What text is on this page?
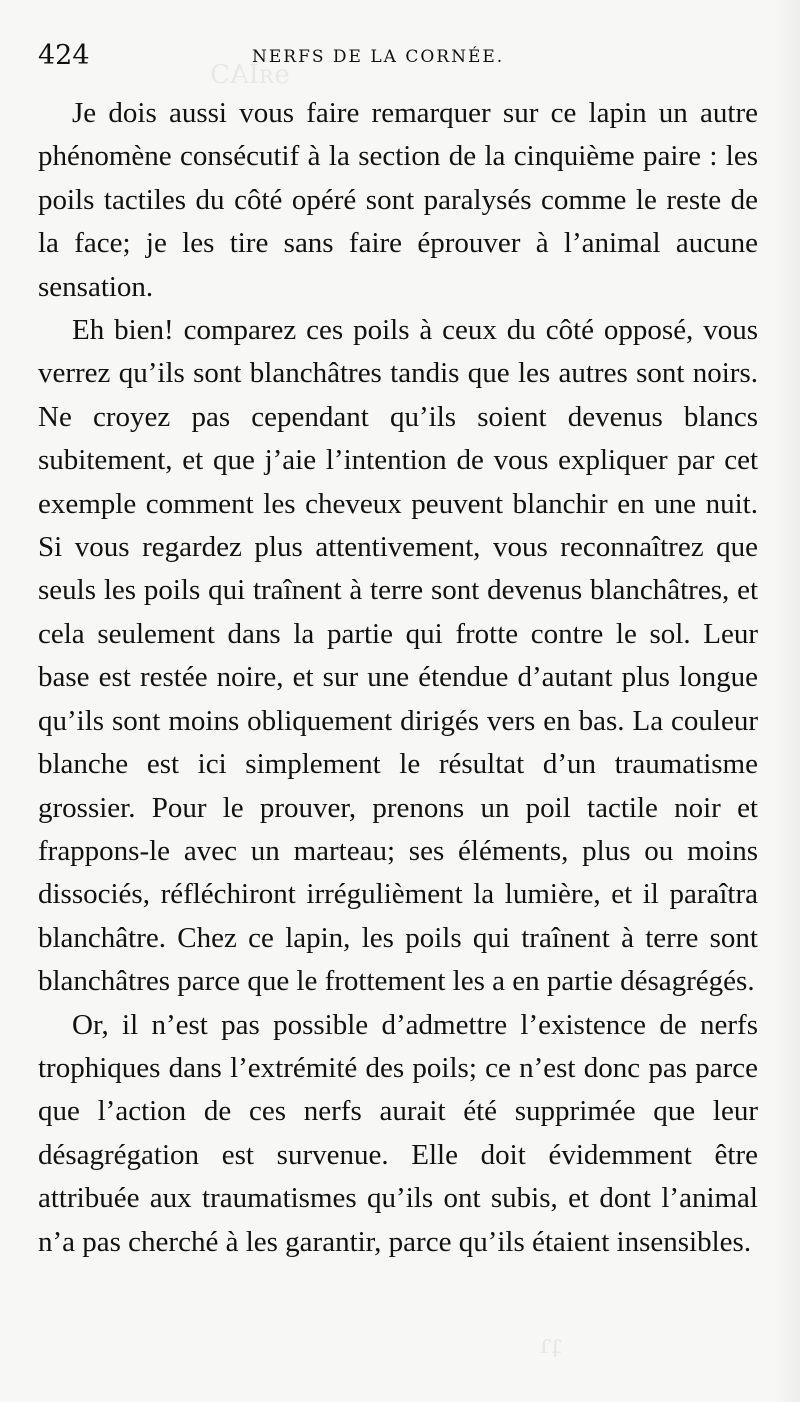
ɘᴙIAϽ
ʇɿ
424	NERFS DE LA CORNÉE.

Je dois aussi vous faire remarquer sur ce lapin un autre phénomène consécutif à la section de la cinquième paire : les poils tactiles du côté opéré sont paralysés comme le reste de la face; je les tire sans faire éprouver à l’animal aucune sensation.

Eh bien! comparez ces poils à ceux du côté opposé, vous verrez qu’ils sont blanchâtres tandis que les autres sont noirs. Ne croyez pas cependant qu’ils soient devenus blancs subitement, et que j’aie l’intention de vous expliquer par cet exemple comment les cheveux peuvent blanchir en une nuit. Si vous regardez plus attentivement, vous reconnaîtrez que seuls les poils qui traînent à terre sont devenus blanchâtres, et cela seulement dans la partie qui frotte contre le sol. Leur base est restée noire, et sur une étendue d’autant plus longue qu’ils sont moins obliquement dirigés vers en bas. La couleur blanche est ici simplement le résultat d’un traumatisme grossier. Pour le prouver, prenons un poil tactile noir et frappons-le avec un marteau; ses éléments, plus ou moins dissociés, réfléchiront irrégulièment la lumière, et il paraîtra blanchâtre. Chez ce lapin, les poils qui traînent à terre sont blanchâtres parce que le frottement les a en partie désagrégés.

Or, il n’est pas possible d’admettre l’existence de nerfs trophiques dans l’extrémité des poils; ce n’est donc pas parce que l’action de ces nerfs aurait été supprimée que leur désagrégation est survenue. Elle doit évidemment être attribuée aux traumatismes qu’ils ont subis, et dont l’animal n’a pas cherché à les garantir, parce qu’ils étaient insensibles.
